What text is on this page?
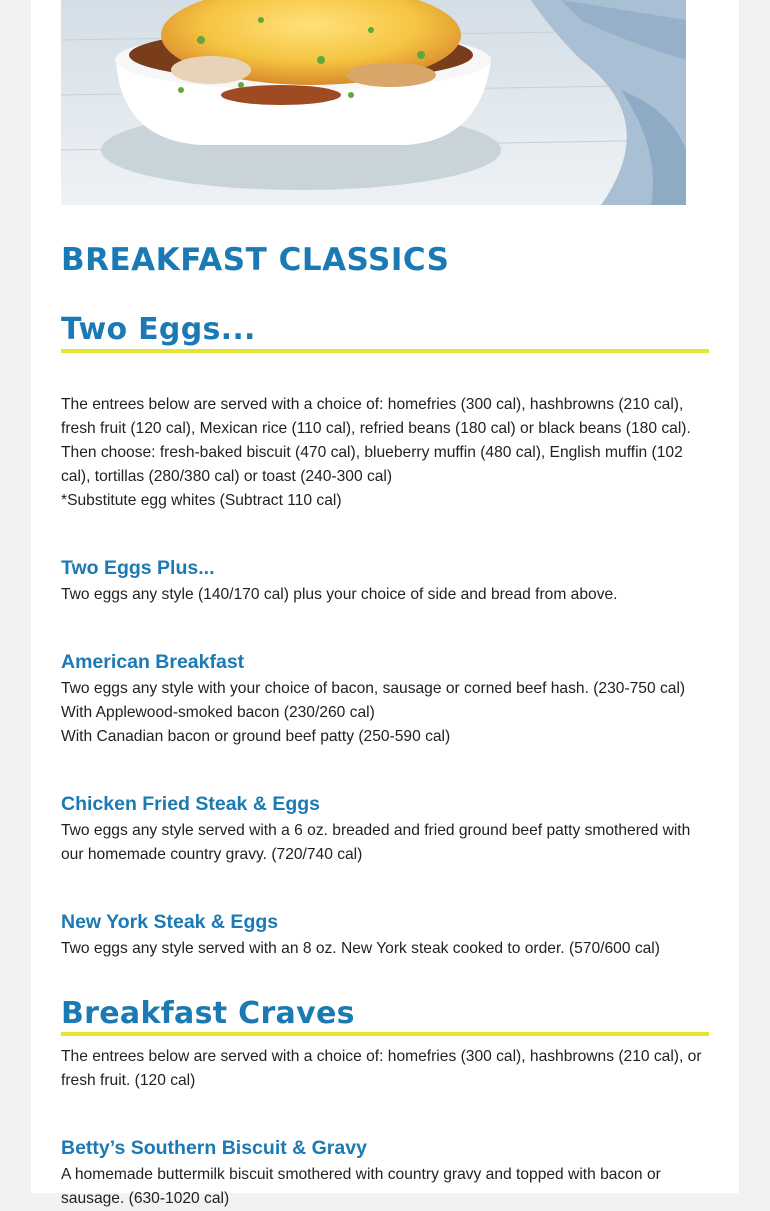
BREAKFAST CLASSICS
Two Eggs...

The entrees below are served with a choice of: homefries (300 cal), hashbrowns (210 cal), fresh fruit (120 cal), Mexican rice (110 cal), refried beans (180 cal) or black beans (180 cal). Then choose: fresh-baked biscuit (470 cal), blueberry muffin (480 cal), English muffin (102 cal), tortillas (280/380 cal) or toast (240-300 cal)
*Substitute egg whites (Subtract 110 cal)

Two Eggs Plus...

Two eggs any style (140/170 cal) plus your choice of side and bread from above.

American Breakfast

Two eggs any style with your choice of bacon, sausage or corned beef hash. (230-750 cal)
With Applewood-smoked bacon (230/260 cal)
With Canadian bacon or ground beef patty (250-590 cal)

Chicken Fried Steak & Eggs

Two eggs any style served with a 6 oz. breaded and fried ground beef patty smothered with our homemade country gravy. (720/740 cal)

New York Steak & Eggs

Two eggs any style served with an 8 oz. New York steak cooked to order. (570/600 cal)

Breakfast Craves

The entrees below are served with a choice of: homefries (300 cal), hashbrowns (210 cal), or fresh fruit. (120 cal)

Betty’s Southern Biscuit & Gravy

A homemade buttermilk biscuit smothered with country gravy and topped with bacon or sausage. (630-1020 cal)
